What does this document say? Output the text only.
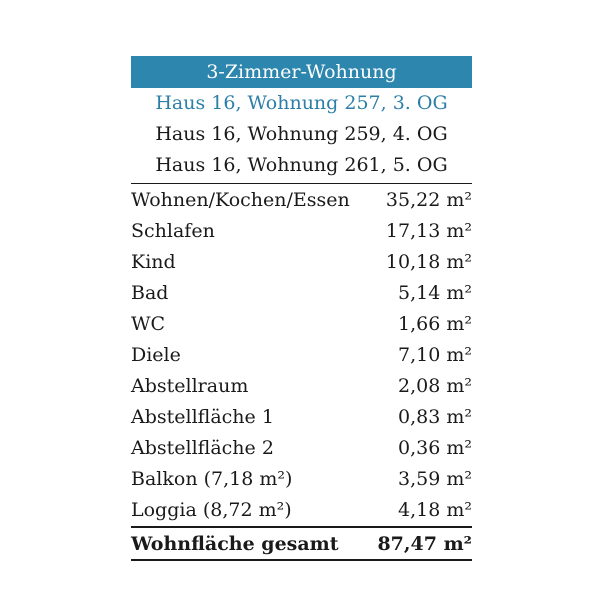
3-Zimmer-Wohnung
Haus 16, Wohnung 257, 3. OG
Haus 16, Wohnung 259, 4. OG
Haus 16, Wohnung 261, 5. OG
Wohnen/Kochen/Essen 35,22 m²
Schlafen	17,13 m²
Kind	10,18 m²
Bad	5,14 m²
WC	1,66 m²
Diele	7,10 m²
Abstellraum	2,08 m²
Abstellfläche 1	0,83 m²
Abstellfläche 2	0,36 m²
Balkon (7,18 m²)	3,59 m²
Loggia (8,72 m²)	4,18 m²
Wohnfläche gesamt 87,47 m²
